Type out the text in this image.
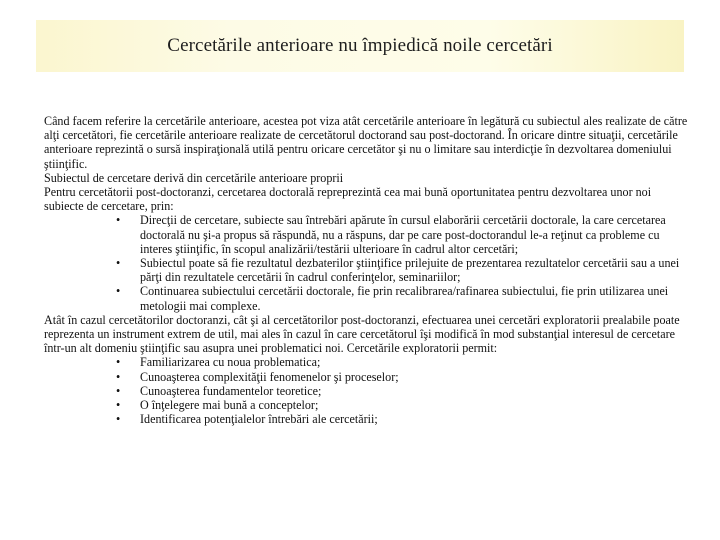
Cercetările anterioare nu împiedică noile cercetări

Când facem referire la cercetările anterioare, acestea pot viza atât cercetările anterioare în legătură cu subiectul ales realizate de către alţi cercetători, fie cercetările anterioare realizate de cercetătorul doctorand sau post-doctorand. În oricare dintre situaţii, cercetările anterioare reprezintă o sursă inspiraţională utilă pentru oricare cercetător şi nu o limitare sau interdicţie în dezvoltarea domeniului ştiinţific.

Subiectul de cercetare derivă din cercetările anterioare proprii

Pentru cercetătorii post-doctoranzi, cercetarea doctorală repreprezintă cea mai bună oportunitatea pentru dezvoltarea unor noi subiecte de cercetare, prin:

• Direcţii de cercetare, subiecte sau întrebări apărute în cursul elaborării cercetării doctorale, la care cercetarea doctorală nu şi-a propus să răspundă, nu a răspuns, dar pe care post-doctorandul le-a reţinut ca probleme cu interes ştiinţific, în scopul analizării/testării ulterioare în cadrul altor cercetări;
• Subiectul poate să fie rezultatul dezbaterilor ştiinţifice prilejuite de prezentarea rezultatelor cercetării sau a unei părţi din rezultatele cercetării în cadrul conferinţelor, seminariilor;
• Continuarea subiectului cercetării doctorale, fie prin recalibrarea/rafinarea subiectului, fie prin utilizarea unei metologii mai complexe.

Atât în cazul cercetătorilor doctoranzi, cât şi al cercetătorilor post-doctoranzi, efectuarea unei cercetări exploratorii prealabile poate reprezenta un instrument extrem de util, mai ales în cazul în care cercetătorul îşi modifică în mod substanţial interesul de cercetare într-un alt domeniu ştiinţific sau asupra unei problematici noi. Cercetările exploratorii permit:

• Familiarizarea cu noua problematica;
• Cunoaşterea complexităţii fenomenelor şi proceselor;
• Cunoaşterea fundamentelor teoretice;
• O înţelegere mai bună a conceptelor;
• Identificarea potenţialelor întrebări ale cercetării;
